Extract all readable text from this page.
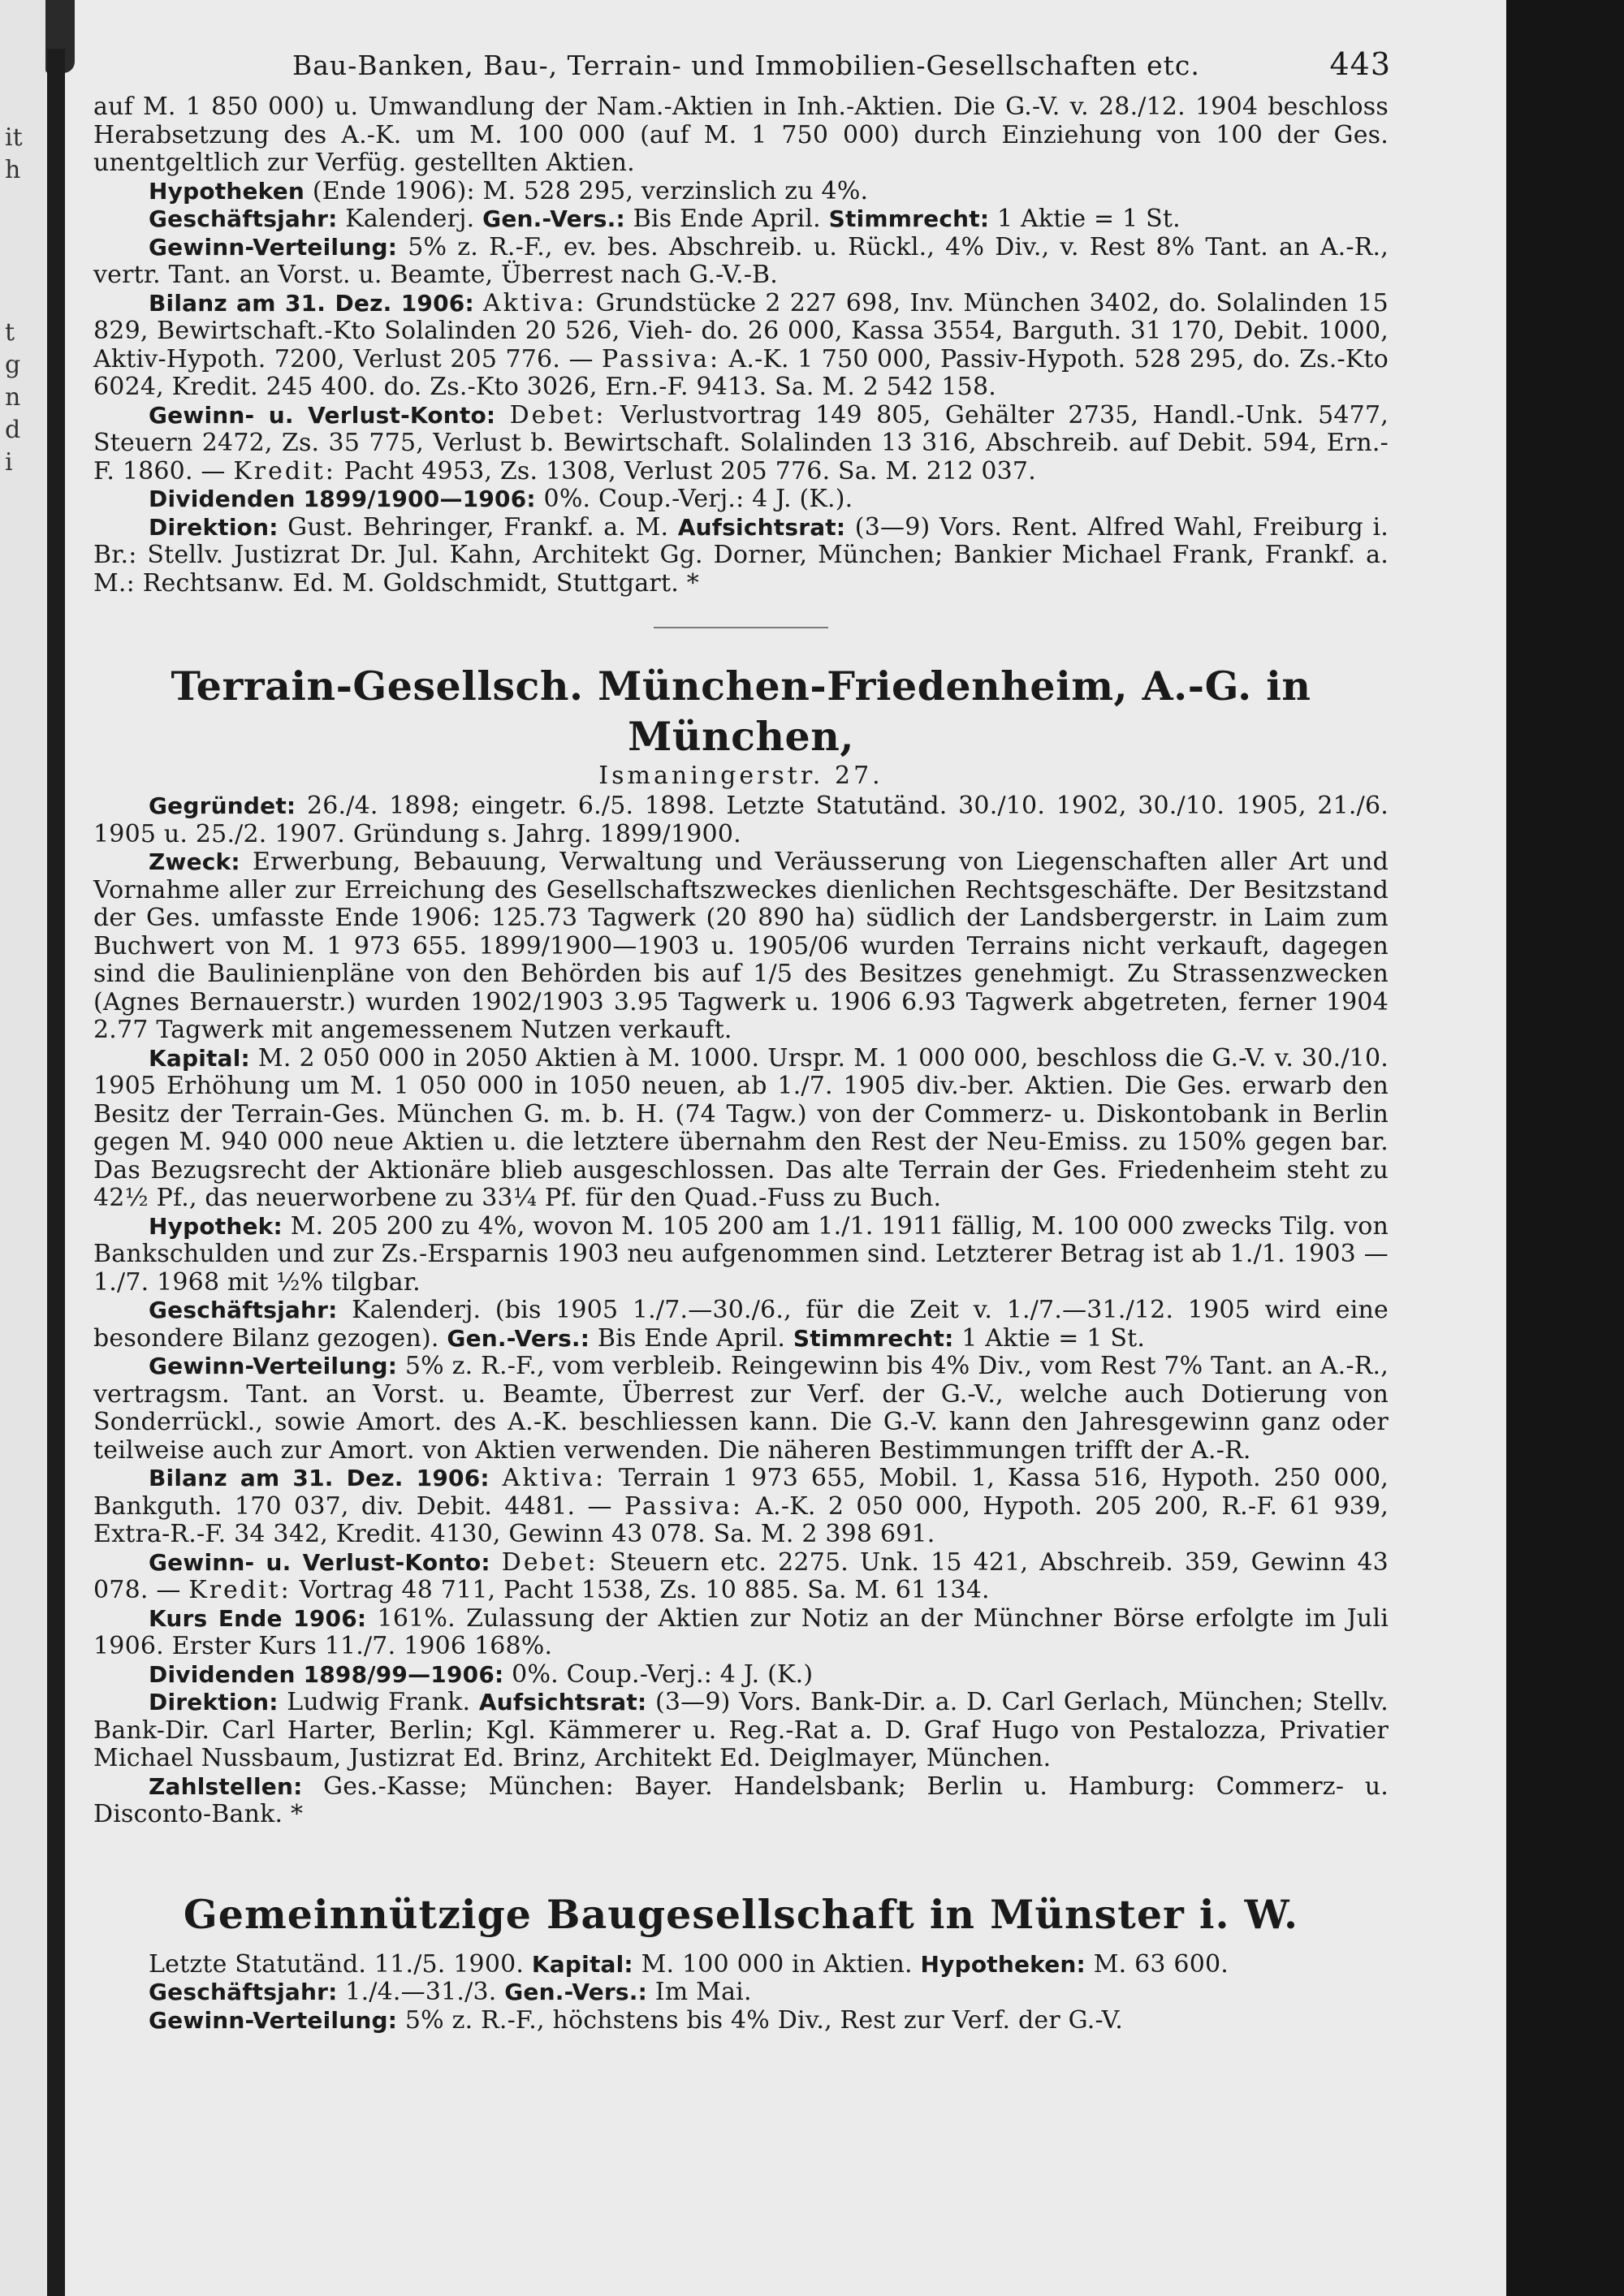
it
h
t
g
n
d
i
Bau-Banken, Bau-, Terrain- und Immobilien-Gesellschaften etc.	443

auf M. 1 850 000) u. Umwandlung der Nam.-Aktien in Inh.-Aktien. Die G.-V. v. 28./12. 1904 beschloss Herabsetzung des A.-K. um M. 100 000 (auf M. 1 750 000) durch Einziehung von 100 der Ges. unentgeltlich zur Verfüg. gestellten Aktien.

Hypotheken (Ende 1906): M. 528 295, verzinslich zu 4%.

Geschäftsjahr: Kalenderj. Gen.-Vers.: Bis Ende April. Stimmrecht: 1 Aktie = 1 St.

Gewinn-Verteilung: 5% z. R.-F., ev. bes. Abschreib. u. Rückl., 4% Div., v. Rest 8% Tant. an A.-R., vertr. Tant. an Vorst. u. Beamte, Überrest nach G.-V.-B.

Bilanz am 31. Dez. 1906: Aktiva: Grundstücke 2 227 698, Inv. München 3402, do. Solalinden 15 829, Bewirtschaft.-Kto Solalinden 20 526, Vieh- do. 26 000, Kassa 3554, Barguth. 31 170, Debit. 1000, Aktiv-Hypoth. 7200, Verlust 205 776. — Passiva: A.-K. 1 750 000, Passiv-Hypoth. 528 295, do. Zs.-Kto 6024, Kredit. 245 400. do. Zs.-Kto 3026, Ern.-F. 9413. Sa. M. 2 542 158.

Gewinn- u. Verlust-Konto: Debet: Verlustvortrag 149 805, Gehälter 2735, Handl.-Unk. 5477, Steuern 2472, Zs. 35 775, Verlust b. Bewirtschaft. Solalinden 13 316, Abschreib. auf Debit. 594, Ern.-F. 1860. — Kredit: Pacht 4953, Zs. 1308, Verlust 205 776. Sa. M. 212 037.

Dividenden 1899/1900—1906: 0%. Coup.-Verj.: 4 J. (K.).

Direktion: Gust. Behringer, Frankf. a. M. Aufsichtsrat: (3—9) Vors. Rent. Alfred Wahl, Freiburg i. Br.: Stellv. Justizrat Dr. Jul. Kahn, Architekt Gg. Dorner, München; Bankier Michael Frank, Frankf. a. M.: Rechtsanw. Ed. M. Goldschmidt, Stuttgart. *

Terrain-Gesellsch. München-Friedenheim, A.-G. in München,
Ismaningerstr. 27.

Gegründet: 26./4. 1898; eingetr. 6./5. 1898. Letzte Statutänd. 30./10. 1902, 30./10. 1905, 21./6. 1905 u. 25./2. 1907. Gründung s. Jahrg. 1899/1900.

Zweck: Erwerbung, Bebauung, Verwaltung und Veräusserung von Liegenschaften aller Art und Vornahme aller zur Erreichung des Gesellschaftszweckes dienlichen Rechtsgeschäfte. Der Besitzstand der Ges. umfasste Ende 1906: 125.73 Tagwerk (20 890 ha) südlich der Landsbergerstr. in Laim zum Buchwert von M. 1 973 655. 1899/1900—1903 u. 1905/06 wurden Terrains nicht verkauft, dagegen sind die Baulinienpläne von den Behörden bis auf 1/5 des Besitzes genehmigt. Zu Strassenzwecken (Agnes Bernauerstr.) wurden 1902/1903 3.95 Tagwerk u. 1906 6.93 Tagwerk abgetreten, ferner 1904 2.77 Tagwerk mit angemessenem Nutzen verkauft.

Kapital: M. 2 050 000 in 2050 Aktien à M. 1000. Urspr. M. 1 000 000, beschloss die G.-V. v. 30./10. 1905 Erhöhung um M. 1 050 000 in 1050 neuen, ab 1./7. 1905 div.-ber. Aktien. Die Ges. erwarb den Besitz der Terrain-Ges. München G. m. b. H. (74 Tagw.) von der Commerz- u. Diskontobank in Berlin gegen M. 940 000 neue Aktien u. die letztere übernahm den Rest der Neu-Emiss. zu 150% gegen bar. Das Bezugsrecht der Aktionäre blieb ausgeschlossen. Das alte Terrain der Ges. Friedenheim steht zu 42½ Pf., das neuerworbene zu 33¼ Pf. für den Quad.-Fuss zu Buch.

Hypothek: M. 205 200 zu 4%, wovon M. 105 200 am 1./1. 1911 fällig, M. 100 000 zwecks Tilg. von Bankschulden und zur Zs.-Ersparnis 1903 neu aufgenommen sind. Letzterer Betrag ist ab 1./1. 1903 — 1./7. 1968 mit ½% tilgbar.

Geschäftsjahr: Kalenderj. (bis 1905 1./7.—30./6., für die Zeit v. 1./7.—31./12. 1905 wird eine besondere Bilanz gezogen). Gen.-Vers.: Bis Ende April. Stimmrecht: 1 Aktie = 1 St.

Gewinn-Verteilung: 5% z. R.-F., vom verbleib. Reingewinn bis 4% Div., vom Rest 7% Tant. an A.-R., vertragsm. Tant. an Vorst. u. Beamte, Überrest zur Verf. der G.-V., welche auch Dotierung von Sonderrückl., sowie Amort. des A.-K. beschliessen kann. Die G.-V. kann den Jahresgewinn ganz oder teilweise auch zur Amort. von Aktien verwenden. Die näheren Bestimmungen trifft der A.-R.

Bilanz am 31. Dez. 1906: Aktiva: Terrain 1 973 655, Mobil. 1, Kassa 516, Hypoth. 250 000, Bankguth. 170 037, div. Debit. 4481. — Passiva: A.-K. 2 050 000, Hypoth. 205 200, R.-F. 61 939, Extra-R.-F. 34 342, Kredit. 4130, Gewinn 43 078. Sa. M. 2 398 691.

Gewinn- u. Verlust-Konto: Debet: Steuern etc. 2275. Unk. 15 421, Abschreib. 359, Gewinn 43 078. — Kredit: Vortrag 48 711, Pacht 1538, Zs. 10 885. Sa. M. 61 134.

Kurs Ende 1906: 161%. Zulassung der Aktien zur Notiz an der Münchner Börse erfolgte im Juli 1906. Erster Kurs 11./7. 1906 168%.

Dividenden 1898/99—1906: 0%. Coup.-Verj.: 4 J. (K.)

Direktion: Ludwig Frank. Aufsichtsrat: (3—9) Vors. Bank-Dir. a. D. Carl Gerlach, München; Stellv. Bank-Dir. Carl Harter, Berlin; Kgl. Kämmerer u. Reg.-Rat a. D. Graf Hugo von Pestalozza, Privatier Michael Nussbaum, Justizrat Ed. Brinz, Architekt Ed. Deiglmayer, München.

Zahlstellen: Ges.-Kasse; München: Bayer. Handelsbank; Berlin u. Hamburg: Commerz- u. Disconto-Bank. *

Gemeinnützige Baugesellschaft in Münster i. W.

Letzte Statutänd. 11./5. 1900. Kapital: M. 100 000 in Aktien. Hypotheken: M. 63 600.

Geschäftsjahr: 1./4.—31./3. Gen.-Vers.: Im Mai.

Gewinn-Verteilung: 5% z. R.-F., höchstens bis 4% Div., Rest zur Verf. der G.-V.
